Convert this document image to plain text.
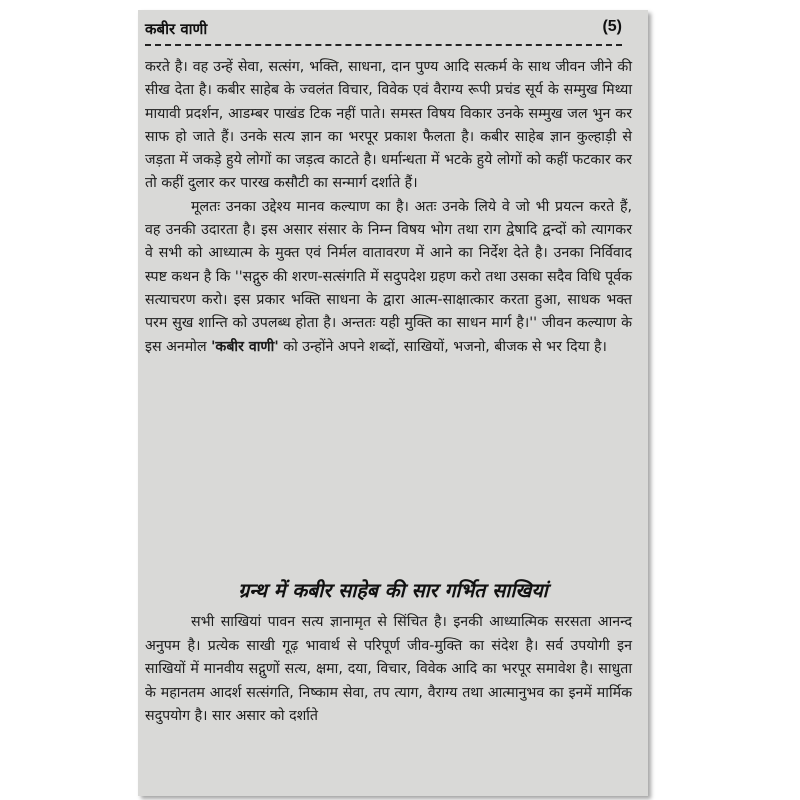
कबीर वाणी	(5)

करते है। वह उन्हें सेवा, सत्संग, भक्ति, साधना, दान पुण्य आदि सत्कर्म के साथ जीवन जीने की सीख देता है। कबीर साहेब के ज्वलंत विचार, विवेक एवं वैराग्य रूपी प्रचंड सूर्य के सम्मुख मिथ्या मायावी प्रदर्शन, आडम्बर पाखंड टिक नहीं पाते। समस्त विषय विकार उनके सम्मुख जल भुन कर साफ हो जाते हैं। उनके सत्य ज्ञान का भरपूर प्रकाश फैलता है। कबीर साहेब ज्ञान कुल्हाड़ी से जड़ता में जकड़े हुये लोगों का जड़त्व काटते है। धर्मान्धता में भटके हुये लोगों को कहीं फटकार कर तो कहीं दुलार कर पारख कसौटी का सन्मार्ग दर्शाते हैं।

मूलतः उनका उद्देश्य मानव कल्याण का है। अतः उनके लिये वे जो भी प्रयत्न करते हैं, वह उनकी उदारता है। इस असार संसार के निम्न विषय भोग तथा राग द्वेषादि द्वन्दों को त्यागकर वे सभी को आध्यात्म के मुक्त एवं निर्मल वातावरण में आने का निर्देश देते है। उनका निर्विवाद स्पष्ट कथन है कि ''सद्गुरु की शरण-सत्संगति में सदुपदेश ग्रहण करो तथा उसका सदैव विधि पूर्वक सत्याचरण करो। इस प्रकार भक्ति साधना के द्वारा आत्म-साक्षात्कार करता हुआ, साधक भक्त परम सुख शान्ति को उपलब्ध होता है। अन्ततः यही मुक्ति का साधन मार्ग है।'' जीवन कल्याण के इस अनमोल 'कबीर वाणी' को उन्होंने अपने शब्दों, साखियों, भजनो, बीजक से भर दिया है।

ग्रन्थ में कबीर साहेब की सार गर्भित साखियां

सभी साखियां पावन सत्य ज्ञानामृत से सिंचित है। इनकी आध्यात्मिक सरसता आनन्द अनुपम है। प्रत्येक साखी गूढ़ भावार्थ से परिपूर्ण जीव-मुक्ति का संदेश है। सर्व उपयोगी इन साखियों में मानवीय सद्गुणों सत्य, क्षमा, दया, विचार, विवेक आदि का भरपूर समावेश है। साधुता के महानतम आदर्श सत्संगति, निष्काम सेवा, तप त्याग, वैराग्य तथा आत्मानुभव का इनमें मार्मिक सदुपयोग है। सार असार को दर्शाते
